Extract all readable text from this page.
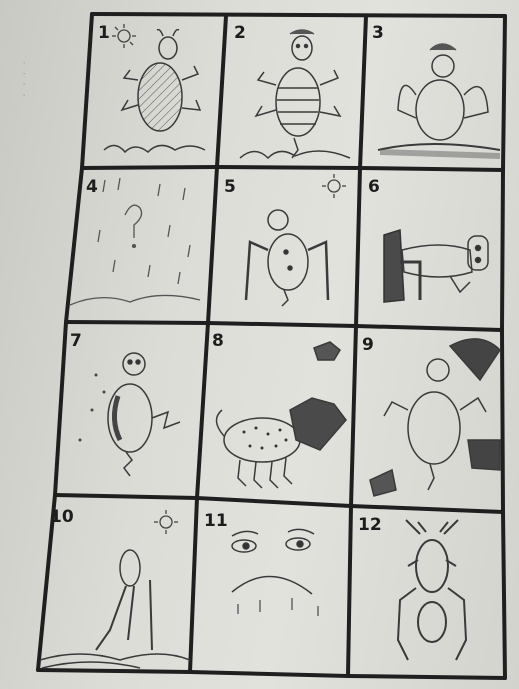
· · · ·
1	2	3
4	5	6
7	8	9
10	11	12
